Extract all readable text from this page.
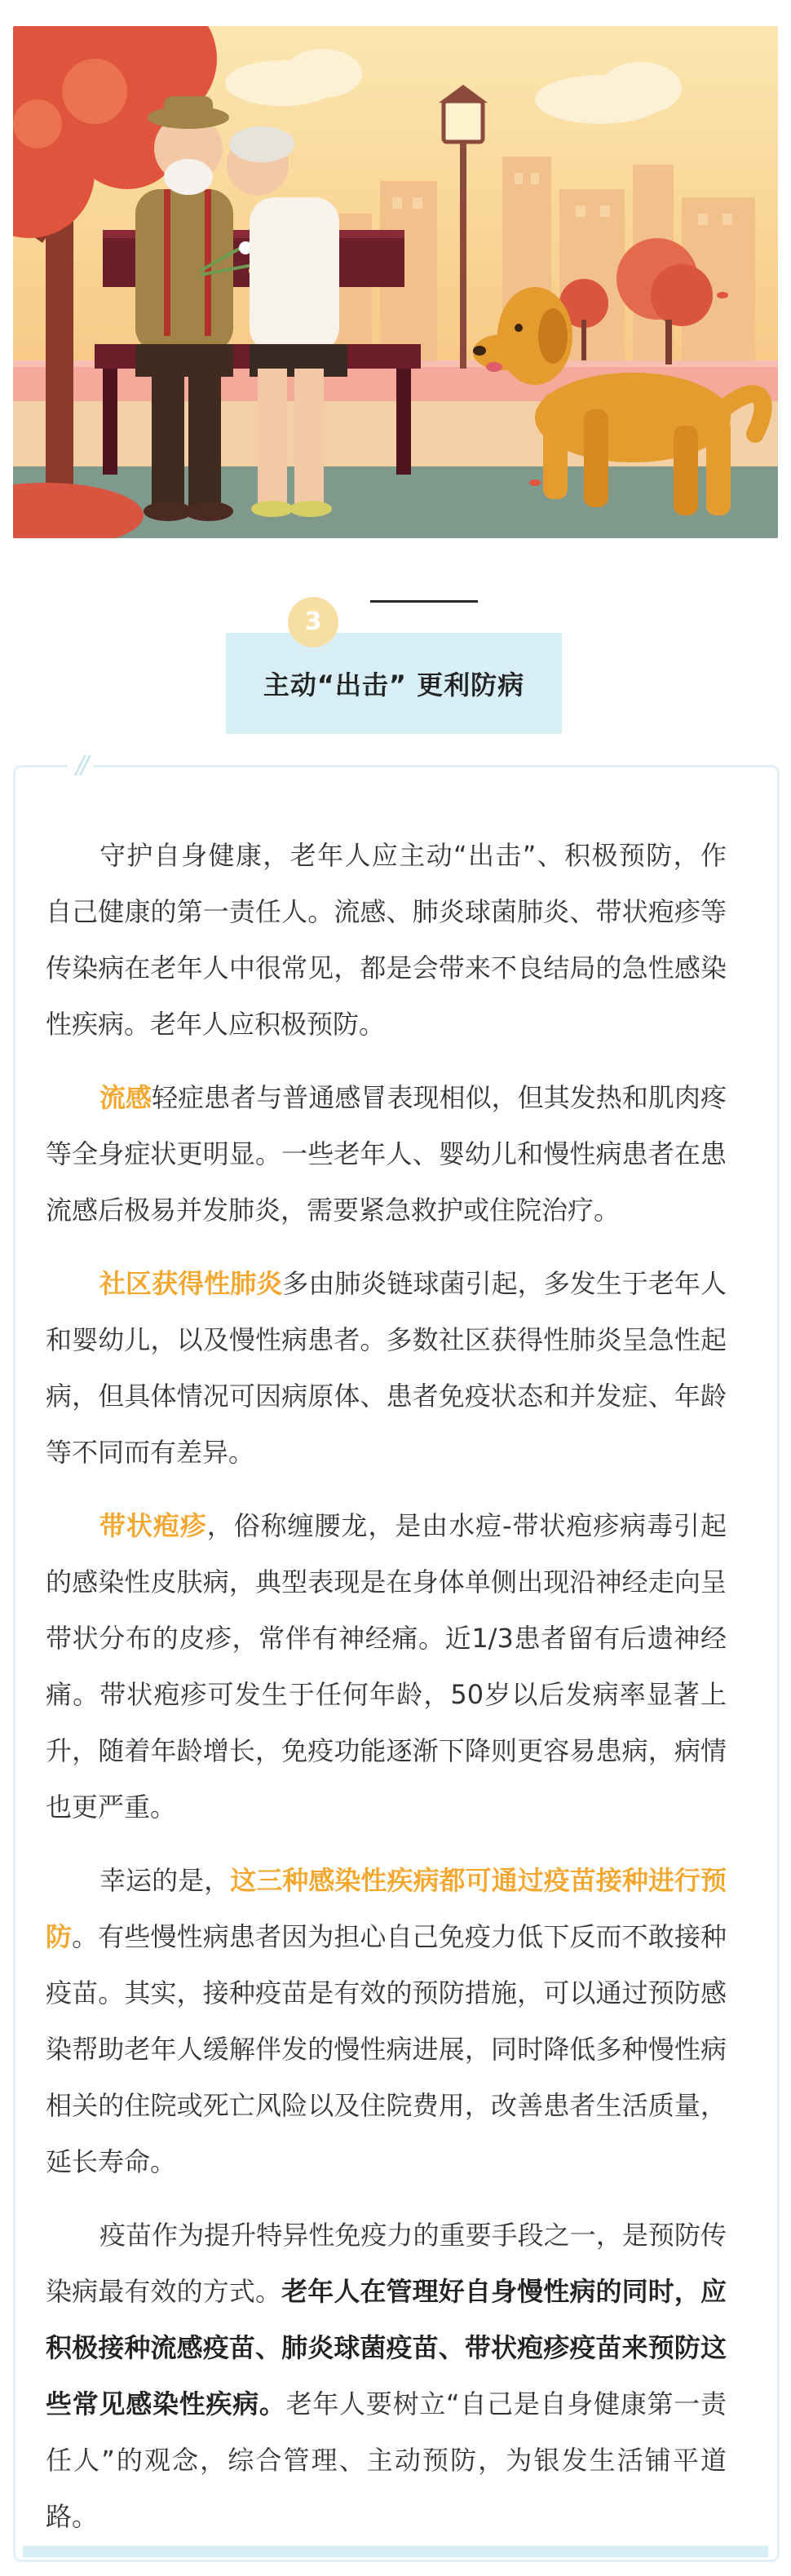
主动“出击” 更利防病
3
//

守护自身健康，老年人应主动“出击”、积极预防，作自己健康的第一责任人。流感、肺炎球菌肺炎、带状疱疹等传染病在老年人中很常见，都是会带来不良结局的急性感染性疾病。老年人应积极预防。

流感轻症患者与普通感冒表现相似，但其发热和肌肉疼等全身症状更明显。一些老年人、婴幼儿和慢性病患者在患流感后极易并发肺炎，需要紧急救护或住院治疗。

社区获得性肺炎多由肺炎链球菌引起，多发生于老年人和婴幼儿，以及慢性病患者。多数社区获得性肺炎呈急性起病，但具体情况可因病原体、患者免疫状态和并发症、年龄等不同而有差异。

带状疱疹，俗称缠腰龙，是由水痘-带状疱疹病毒引起的感染性皮肤病，典型表现是在身体单侧出现沿神经走向呈带状分布的皮疹，常伴有神经痛。近1/3患者留有后遗神经痛。带状疱疹可发生于任何年龄，50岁以后发病率显著上升，随着年龄增长，免疫功能逐渐下降则更容易患病，病情也更严重。

幸运的是，这三种感染性疾病都可通过疫苗接种进行预防。有些慢性病患者因为担心自己免疫力低下反而不敢接种疫苗。其实，接种疫苗是有效的预防措施，可以通过预防感染帮助老年人缓解伴发的慢性病进展，同时降低多种慢性病相关的住院或死亡风险以及住院费用，改善患者生活质量，延长寿命。

疫苗作为提升特异性免疫力的重要手段之一，是预防传染病最有效的方式。老年人在管理好自身慢性病的同时，应积极接种流感疫苗、肺炎球菌疫苗、带状疱疹疫苗来预防这些常见感染性疾病。老年人要树立“自己是自身健康第一责任人”的观念，综合管理、主动预防，为银发生活铺平道路。
